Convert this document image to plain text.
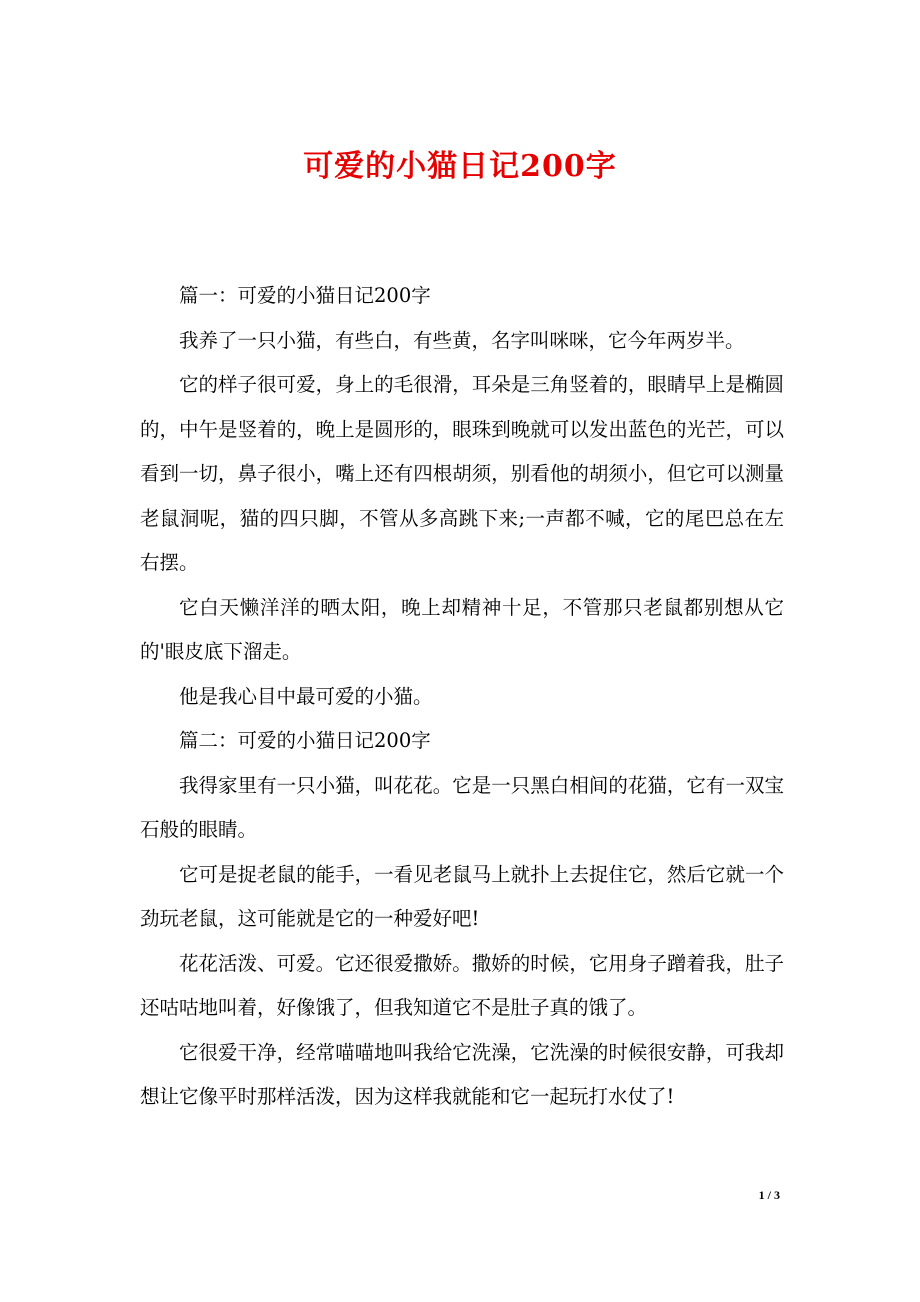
可爱的小猫日记200字

篇一：可爱的小猫日记200字

我养了一只小猫，有些白，有些黄，名字叫咪咪，它今年两岁半。

它的样子很可爱，身上的毛很滑，耳朵是三角竖着的，眼睛早上是椭圆的，中午是竖着的，晚上是圆形的，眼珠到晚就可以发出蓝色的光芒，可以看到一切，鼻子很小，嘴上还有四根胡须，别看他的胡须小，但它可以测量老鼠洞呢，猫的四只脚，不管从多高跳下来;一声都不喊，它的尾巴总在左右摆。

它白天懒洋洋的晒太阳，晚上却精神十足，不管那只老鼠都别想从它的'眼皮底下溜走。

他是我心目中最可爱的小猫。

篇二：可爱的小猫日记200字

我得家里有一只小猫，叫花花。它是一只黑白相间的花猫，它有一双宝石般的眼睛。

它可是捉老鼠的能手，一看见老鼠马上就扑上去捉住它，然后它就一个劲玩老鼠，这可能就是它的一种爱好吧!

花花活泼、可爱。它还很爱撒娇。撒娇的时候，它用身子蹭着我，肚子还咕咕地叫着，好像饿了，但我知道它不是肚子真的饿了。

它很爱干净，经常喵喵地叫我给它洗澡，它洗澡的时候很安静，可我却想让它像平时那样活泼，因为这样我就能和它一起玩打水仗了!

1 / 3
